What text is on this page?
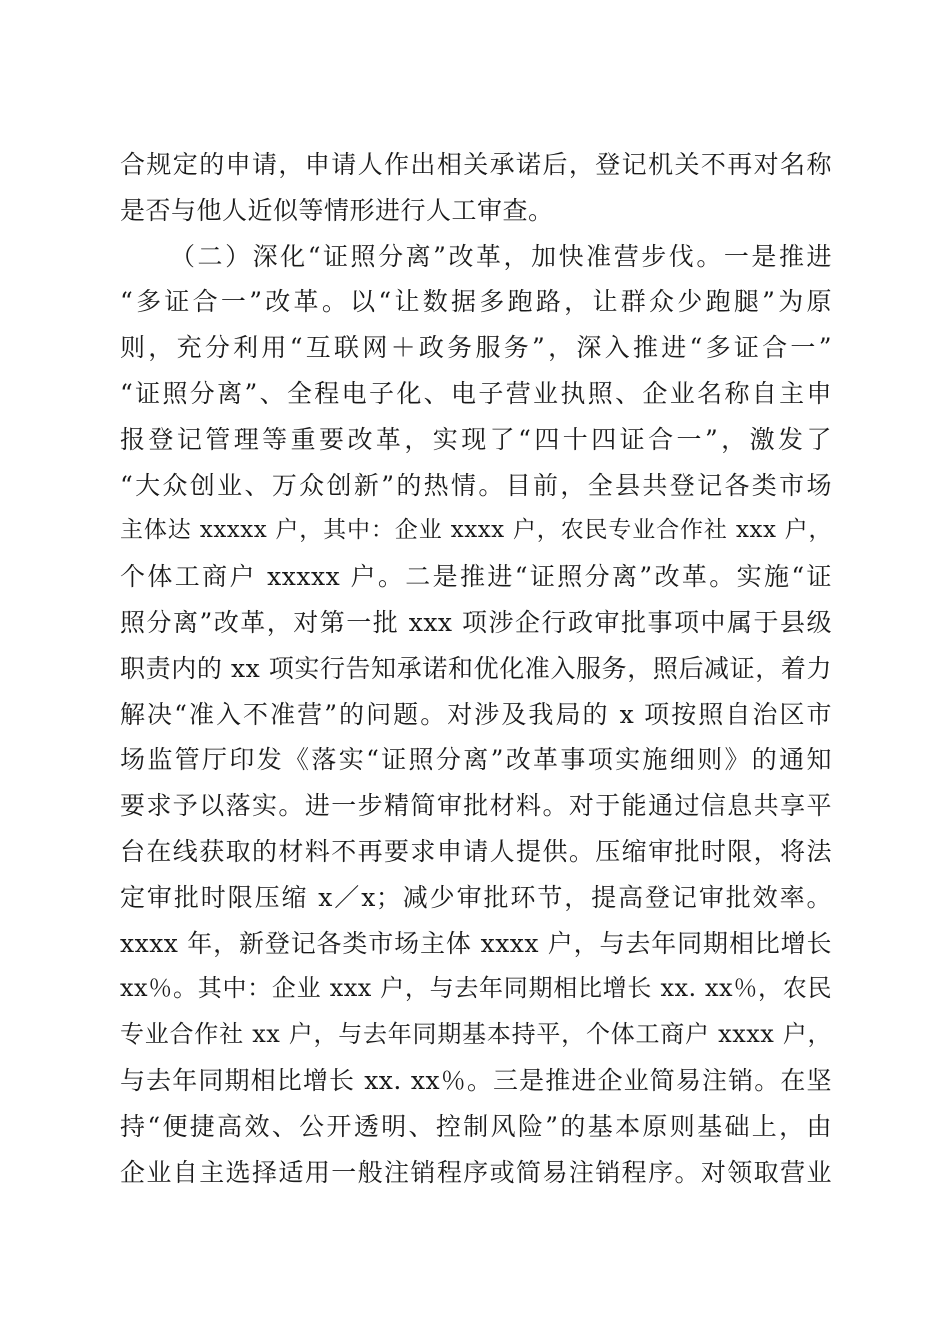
合规定的申请，申请人作出相关承诺后，登记机关不再对名称
是否与他人近似等情形进行人工审查。
（二）深化“证照分离”改革，加快准营步伐。一是推进
“多证合一”改革。以“让数据多跑路，让群众少跑腿”为原
则，充分利用“互联网＋政务服务”，深入推进“多证合一”
“证照分离”、全程电子化、电子营业执照、企业名称自主申
报登记管理等重要改革，实现了“四十四证合一”，激发了
“大众创业、万众创新”的热情。目前，全县共登记各类市场
主体达 xxxxx 户，其中：企业 xxxx 户，农民专业合作社 xxx 户，
个体工商户 xxxxx 户。二是推进“证照分离”改革。实施“证
照分离”改革，对第一批 xxx 项涉企行政审批事项中属于县级
职责内的 xx 项实行告知承诺和优化准入服务，照后减证，着力
解决“准入不准营”的问题。对涉及我局的 x 项按照自治区市
场监管厅印发《落实“证照分离”改革事项实施细则》的通知
要求予以落实。进一步精简审批材料。对于能通过信息共享平
台在线获取的材料不再要求申请人提供。压缩审批时限，将法
定审批时限压缩 x／x；减少审批环节，提高登记审批效率。
xxxx 年，新登记各类市场主体 xxxx 户，与去年同期相比增长
xx％。其中：企业 xxx 户，与去年同期相比增长 xx. xx％，农民
专业合作社 xx 户，与去年同期基本持平，个体工商户 xxxx 户，
与去年同期相比增长 xx. xx％。三是推进企业简易注销。在坚
持“便捷高效、公开透明、控制风险”的基本原则基础上，由
企业自主选择适用一般注销程序或简易注销程序。对领取营业
